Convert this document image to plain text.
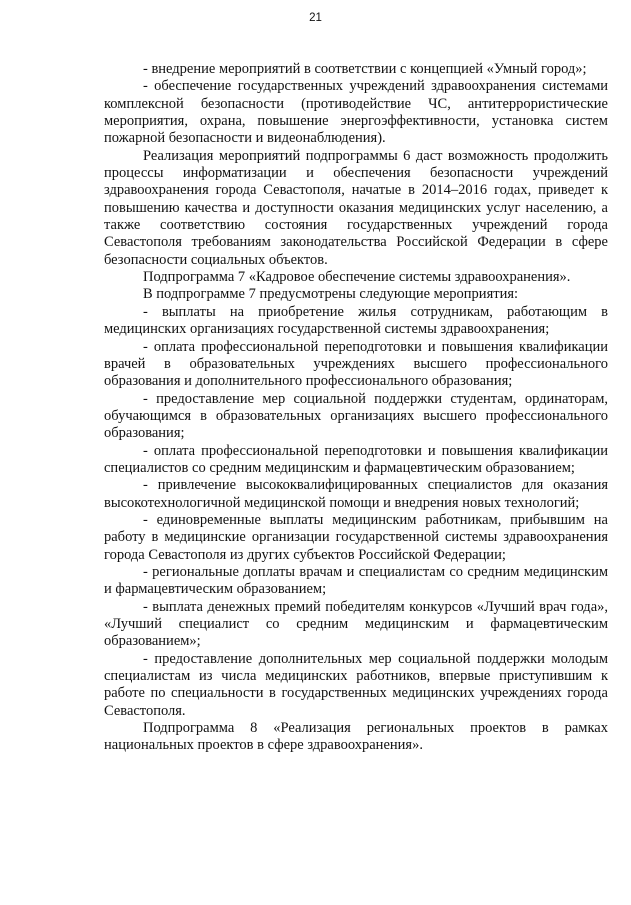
21

- внедрение мероприятий в соответствии с концепцией «Умный город»;

- обеспечение государственных учреждений здравоохранения системами комплексной безопасности (противодействие ЧС, антитеррористические мероприятия, охрана, повышение энергоэффективности, установка систем пожарной безопасности и видеонаблюдения).

Реализация мероприятий подпрограммы 6 даст возможность продолжить процессы информатизации и обеспечения безопасности учреждений здравоохранения города Севастополя, начатые в 2014–2016 годах, приведет к повышению качества и доступности оказания медицинских услуг населению, а также соответствию состояния государственных учреждений города Севастополя требованиям законодательства Российской Федерации в сфере безопасности социальных объектов.

Подпрограмма 7 «Кадровое обеспечение системы здравоохранения».

В подпрограмме 7 предусмотрены следующие мероприятия:

- выплаты на приобретение жилья сотрудникам, работающим в медицинских организациях государственной системы здравоохранения;

- оплата профессиональной переподготовки и повышения квалификации врачей в образовательных учреждениях высшего профессионального образования и дополнительного профессионального образования;

- предоставление мер социальной поддержки студентам, ординаторам, обучающимся в образовательных организациях высшего профессионального образования;

- оплата профессиональной переподготовки и повышения квалификации специалистов со средним медицинским и фармацевтическим образованием;

- привлечение высококвалифицированных специалистов для оказания высокотехнологичной медицинской помощи и внедрения новых технологий;

- единовременные выплаты медицинским работникам, прибывшим на работу в медицинские организации государственной системы здравоохранения города Севастополя из других субъектов Российской Федерации;

- региональные доплаты врачам и специалистам со средним медицинским и фармацевтическим образованием;

- выплата денежных премий победителям конкурсов «Лучший врач года», «Лучший специалист со средним медицинским и фармацевтическим образованием»;

- предоставление дополнительных мер социальной поддержки молодым специалистам из числа медицинских работников, впервые приступившим к работе по специальности в государственных медицинских учреждениях города Севастополя.

Подпрограмма 8 «Реализация региональных проектов в рамках национальных проектов в сфере здравоохранения».
